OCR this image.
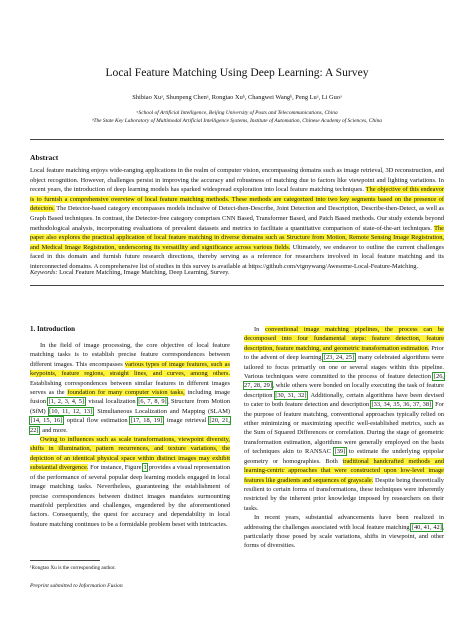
Local Feature Matching Using Deep Learning: A Survey
Shibiao Xuᵃ, Shunpeng Chenᵃ, Rongtao Xuᵇ, Changwei Wangᵇ, Peng Luᵃ, Li Guoᵃ
ᵃSchool of Artificial Intelligence, Beijing University of Posts and Telecommunications, China
ᵇThe State Key Laboratory of Multimodal Artificial Intelligence Systems, Institute of Automation, Chinese Academy of Sciences, China
Abstract
Local feature matching enjoys wide-ranging applications in the realm of computer vision, encompassing domains such as image retrieval, 3D reconstruction, and object recognition. However, challenges persist in improving the accuracy and robustness of matching due to factors like viewpoint and lighting variations. In recent years, the introduction of deep learning models has sparked widespread exploration into local feature matching techniques. The objective of this endeavor is to furnish a comprehensive overview of local feature matching methods. These methods are categorized into two key segments based on the presence of detectors. The Detector-based category encompasses models inclusive of Detect-then-Describe, Joint Detection and Description, Describe-then-Detect, as well as Graph Based techniques. In contrast, the Detector-free category comprises CNN Based, Transformer Based, and Patch Based methods. Our study extends beyond methodological analysis, incorporating evaluations of prevalent datasets and metrics to facilitate a quantitative comparison of state-of-the-art techniques. The paper also explores the practical application of local feature matching in diverse domains such as Structure from Motion, Remote Sensing Image Registration, and Medical Image Registration, underscoring its versatility and significance across various fields. Ultimately, we endeavor to outline the current challenges faced in this domain and furnish future research directions, thereby serving as a reference for researchers involved in local feature matching and its interconnected domains. A comprehensive list of studies in this survey is available at https://github.com/vignywang/Awesome-Local-Feature-Matching.
Keywords: Local Feature Matching, Image Matching, Deep Learning, Survey.
1. Introduction

In the field of image processing, the core objective of local feature matching tasks is to establish precise feature correspondences between different images. This encompasses various types of image features, such as keypoints, feature regions, straight lines, and curves, among others. Establishing correspondences between similar features in different images serves as the foundation for many computer vision tasks, including image fusion [1, 2, 3, 4, 5], visual localization [6, 7, 8, 9], Structure from Motion (SfM) [10, 11, 12, 13], Simultaneous Localization and Mapping (SLAM) [14, 15, 16], optical flow estimation [17, 18, 19], image retrieval [20, 21, 22], and more.

Owing to influences such as scale transformations, viewpoint diversity, shifts in illumination, pattern recurrences, and texture variations, the depiction of an identical physical space within distinct images may exhibit substantial divergence. For instance, Figure 1 provides a visual representation of the performance of several popular deep learning models engaged in local image matching tasks. Nevertheless, guaranteeing the establishment of precise correspondences between distinct images mandates surmounting manifold perplexities and challenges, engendered by the aforementioned factors. Consequently, the quest for accuracy and dependability in local feature matching continues to be a formidable problem beset with intricacies.

In conventional image matching pipelines, the process can be decomposed into four fundamental steps: feature detection, feature description, feature matching, and geometric transformation estimation. Prior to the advent of deep learning [23, 24, 25], many celebrated algorithms were tailored to focus primarily on one or several stages within this pipeline. Various techniques were committed to the process of feature detection [26, 27, 28, 29], while others were bonded on locally executing the task of feature description [30, 31, 32]. Additionally, certain algorithms have been devised to cater to both feature detection and description [33, 34, 35, 36, 37, 38]. For the purpose of feature matching, conventional approaches typically relied on either minimizing or maximizing specific well-established metrics, such as the Sum of Squared Differences or correlation. During the stage of geometric transformation estimation, algorithms were generally employed on the basis of techniques akin to RANSAC [39] to estimate the underlying epipolar geometry or homographies. Both traditional handcrafted methods and learning-centric approaches that were constructed upon low-level image features like gradients and sequences of grayscale. Despite being theoretically resilient to certain forms of transformations, these techniques were inherently restricted by the inherent prior knowledge imposed by researchers on their tasks.

In recent years, substantial advancements have been realized in addressing the challenges associated with local feature matching [40, 41, 42], particularly those posed by scale variations, shifts in viewpoint, and other forms of diversities.

¹Rongtao Xu is the corresponding author.
Preprint submitted to Information Fusion
